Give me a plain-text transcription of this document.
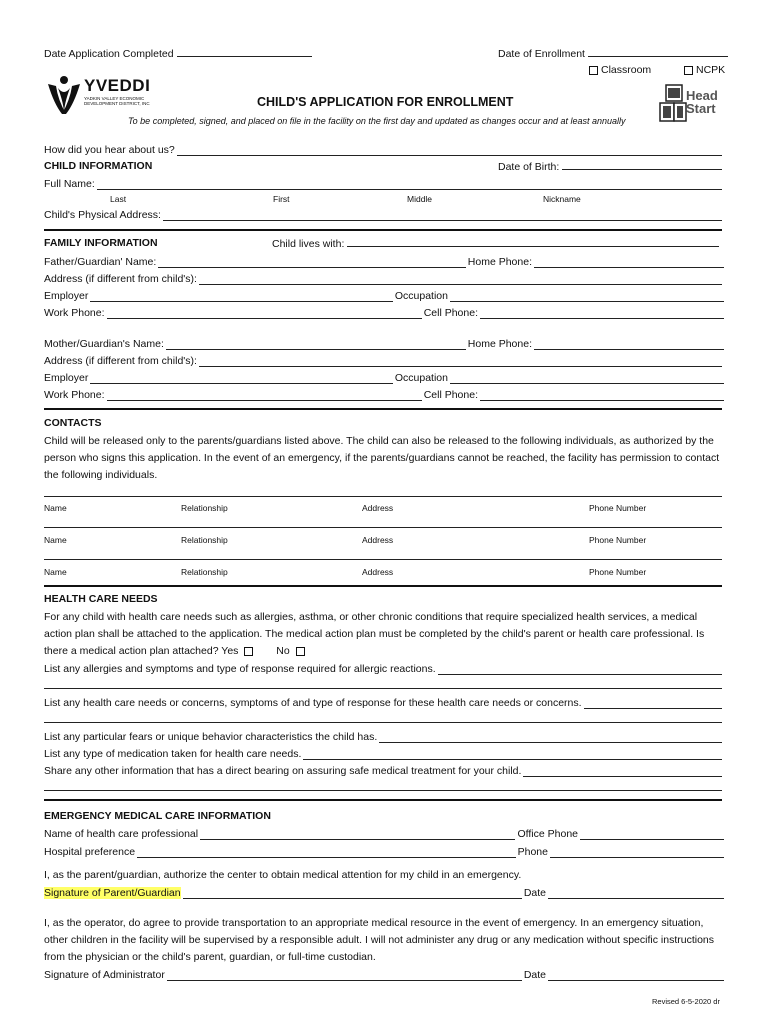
Date Application Completed	Date of Enrollment
Classroom	NCPK
YVEDDI
YADKIN VALLEY ECONOMIC DEVELOPMENT DISTRICT, INC	CHILD'S APPLICATION FOR ENROLLMENT
To be completed, signed, and placed on file in the facility on the first day and updated as changes occur and at least annually
Head
Start
How did you hear about us?
CHILD INFORMATION	Date of Birth:
Full Name:
Last	First	Middle	Nickname
Child's Physical Address:
FAMILY INFORMATION	Child lives with:
Father/Guardian' Name:	Home Phone:
Address (if different from child's):
Employer	Occupation
Work Phone:	Cell Phone:
Mother/Guardian's Name:	Home Phone:
Address (if different from child's):
Employer	Occupation
Work Phone:	Cell Phone:
CONTACTS
Child will be released only to the parents/guardians listed above. The child can also be released to the following individuals, as authorized by the person who signs this application. In the event of an emergency, if the parents/guardians cannot be reached, the facility has permission to contact the following individuals.
Name	Relationship	Address	Phone Number
Name	Relationship	Address	Phone Number
Name	Relationship	Address	Phone Number
HEALTH CARE NEEDS
For any child with health care needs such as allergies, asthma, or other chronic conditions that require specialized health services, a medical action plan shall be attached to the application. The medical action plan must be completed by the child's parent or health care professional. Is there a medical action plan attached? Yes	No
List any allergies and symptoms and type of response required for allergic reactions.
List any health care needs or concerns, symptoms of and type of response for these health care needs or concerns.
List any particular fears or unique behavior characteristics the child has.
List any type of medication taken for health care needs.
Share any other information that has a direct bearing on assuring safe medical treatment for your child.
EMERGENCY MEDICAL CARE INFORMATION
Name of health care professional	Office Phone
Hospital preference	Phone
I, as the parent/guardian, authorize the center to obtain medical attention for my child in an emergency.
Signature of Parent/Guardian	Date
I, as the operator, do agree to provide transportation to an appropriate medical resource in the event of emergency. In an emergency situation, other children in the facility will be supervised by a responsible adult. I will not administer any drug or any medication without specific instructions from the physician or the child's parent, guardian, or full-time custodian.
Signature of Administrator	Date
Revised 6-5-2020 dr
